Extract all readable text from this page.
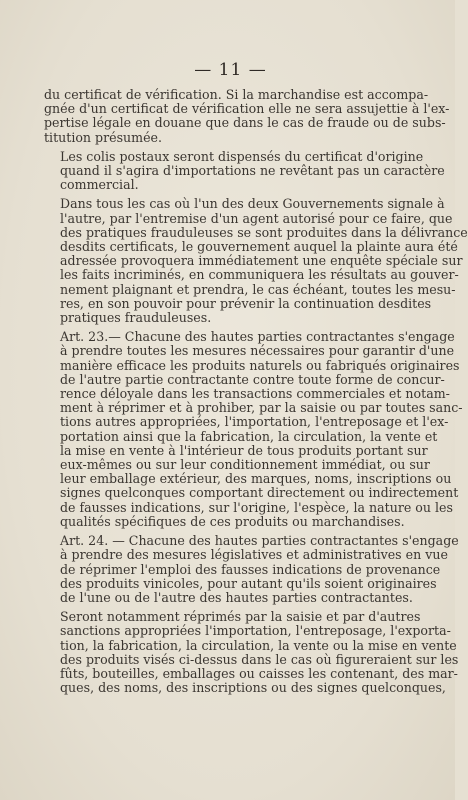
— 11 —
du certificat de vérification. Si la marchandise est accompa-
gnée d'un certificat de vérification elle ne sera assujettie à l'ex-
pertise légale en douane que dans le cas de fraude ou de subs-
titution présumée.
Les colis postaux seront dispensés du certificat d'origine
quand il s'agira d'importations ne revêtant pas un caractère
commercial.
Dans tous les cas où l'un des deux Gouvernements signale à
l'autre, par l'entremise d'un agent autorisé pour ce faire, que
des pratiques frauduleuses se sont produites dans la délivrance
desdits certificats, le gouvernement auquel la plainte aura été
adressée provoquera immédiatement une enquête spéciale sur
les faits incriminés, en communiquera les résultats au gouver-
nement plaignant et prendra, le cas échéant, toutes les mesu-
res, en son pouvoir pour prévenir la continuation desdites
pratiques frauduleuses.
Art. 23.— Chacune des hautes parties contractantes s'engage
à prendre toutes les mesures nécessaires pour garantir d'une
manière efficace les produits naturels ou fabriqués originaires
de l'autre partie contractante contre toute forme de concur-
rence déloyale dans les transactions commerciales et notam-
ment à réprimer et à prohiber, par la saisie ou par toutes sanc-
tions autres appropriées, l'importation, l'entreposage et l'ex-
portation ainsi que la fabrication, la circulation, la vente et
la mise en vente à l'intérieur de tous produits portant sur
eux-mêmes ou sur leur conditionnement immédiat, ou sur
leur emballage extérieur, des marques, noms, inscriptions ou
signes quelconques comportant directement ou indirectement
de fausses indications, sur l'origine, l'espèce, la nature ou les
qualités spécifiques de ces produits ou marchandises.
Art. 24. — Chacune des hautes parties contractantes s'engage
à prendre des mesures législatives et administratives en vue
de réprimer l'emploi des fausses indications de provenance
des produits vinicoles, pour autant qu'ils soient originaires
de l'une ou de l'autre des hautes parties contractantes.
Seront notamment réprimés par la saisie et par d'autres
sanctions appropriées l'importation, l'entreposage, l'exporta-
tion, la fabrication, la circulation, la vente ou la mise en vente
des produits visés ci-dessus dans le cas où figureraient sur les
fûts, bouteilles, emballages ou caisses les contenant, des mar-
ques, des noms, des inscriptions ou des signes quelconques,
